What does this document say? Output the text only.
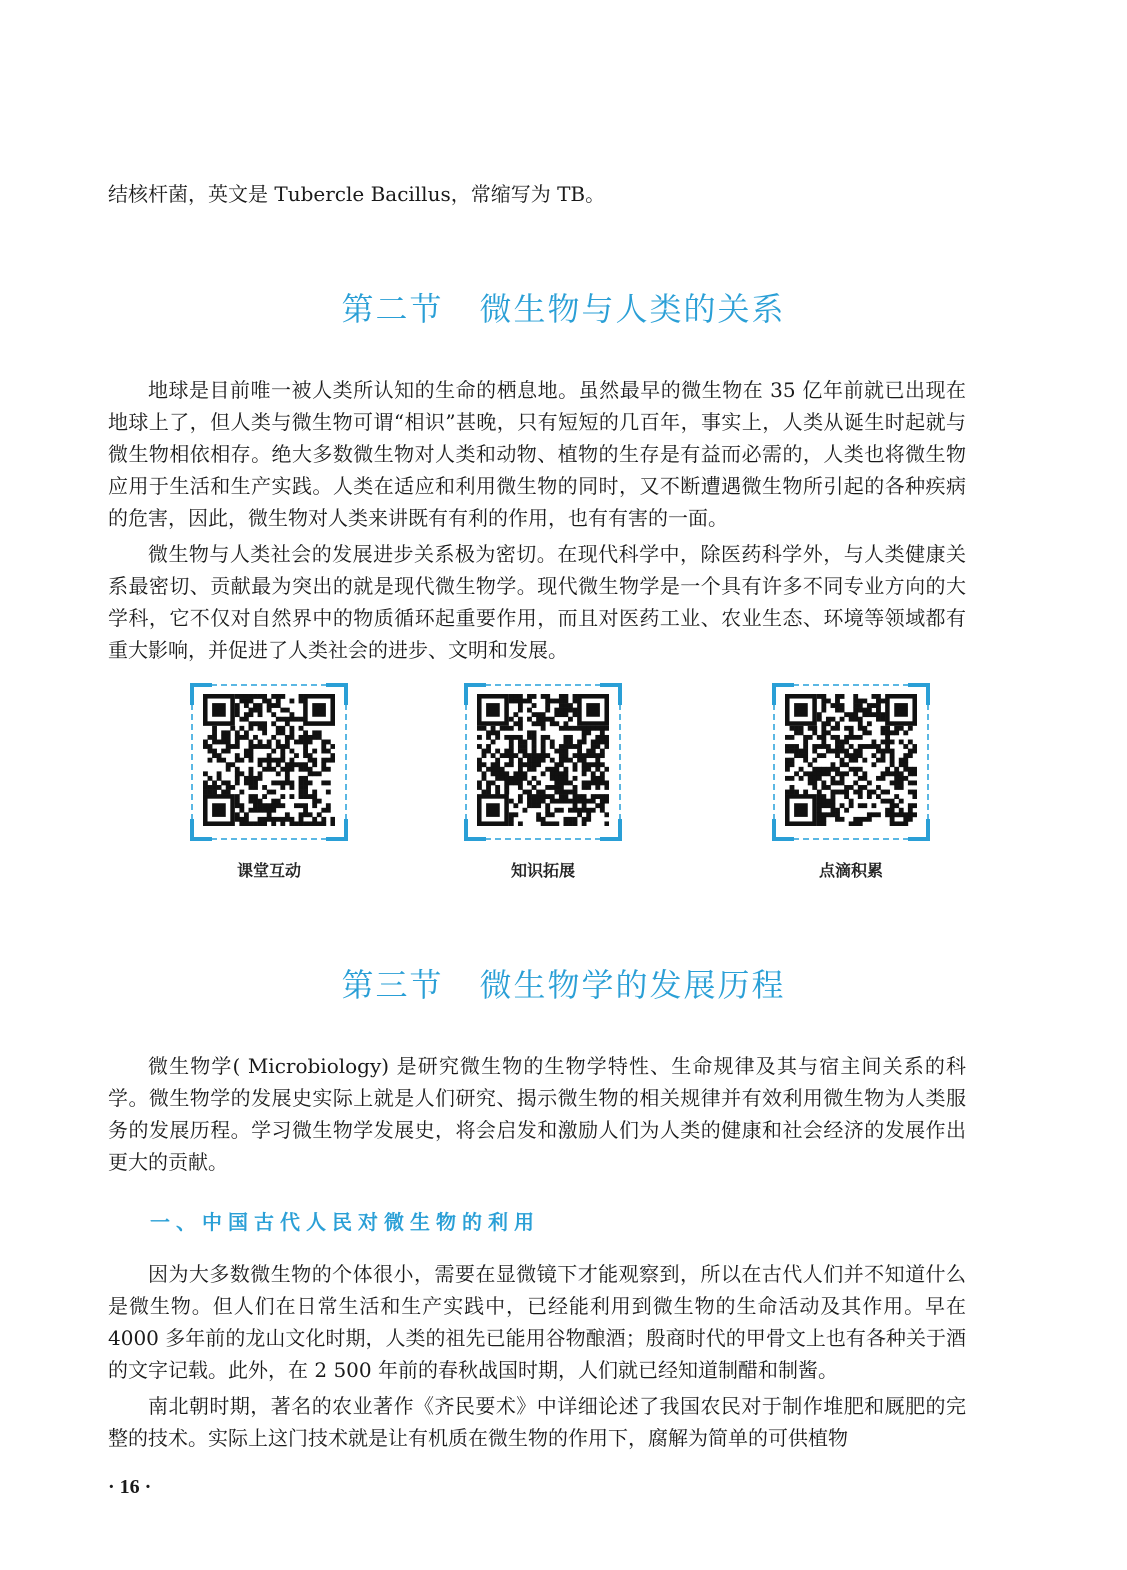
结核杆菌，英文是 Tubercle Bacillus，常缩写为 TB。

第二节 微生物与人类的关系

地球是目前唯一被人类所认知的生命的栖息地。虽然最早的微生物在 35 亿年前就已出现在地球上了，但人类与微生物可谓“相识”甚晚，只有短短的几百年，事实上，人类从诞生时起就与微生物相依相存。绝大多数微生物对人类和动物、植物的生存是有益而必需的，人类也将微生物应用于生活和生产实践。人类在适应和利用微生物的同时，又不断遭遇微生物所引起的各种疾病的危害，因此，微生物对人类来讲既有有利的作用，也有有害的一面。

微生物与人类社会的发展进步关系极为密切。在现代科学中，除医药科学外，与人类健康关系最密切、贡献最为突出的就是现代微生物学。现代微生物学是一个具有许多不同专业方向的大学科，它不仅对自然界中的物质循环起重要作用，而且对医药工业、农业生态、环境等领域都有重大影响，并促进了人类社会的进步、文明和发展。

课堂互动	知识拓展	点滴积累
第三节 微生物学的发展历程

微生物学( Microbiology) 是研究微生物的生物学特性、生命规律及其与宿主间关系的科学。微生物学的发展史实际上就是人们研究、揭示微生物的相关规律并有效利用微生物为人类服务的发展历程。学习微生物学发展史，将会启发和激励人们为人类的健康和社会经济的发展作出更大的贡献。

一、中国古代人民对微生物的利用

因为大多数微生物的个体很小，需要在显微镜下才能观察到，所以在古代人们并不知道什么是微生物。但人们在日常生活和生产实践中，已经能利用到微生物的生命活动及其作用。早在 4000 多年前的龙山文化时期，人类的祖先已能用谷物酿酒；殷商时代的甲骨文上也有各种关于酒的文字记载。此外，在 2 500 年前的春秋战国时期，人们就已经知道制醋和制酱。

南北朝时期，著名的农业著作《齐民要术》中详细论述了我国农民对于制作堆肥和厩肥的完整的技术。实际上这门技术就是让有机质在微生物的作用下，腐解为简单的可供植物

· 16 ·
